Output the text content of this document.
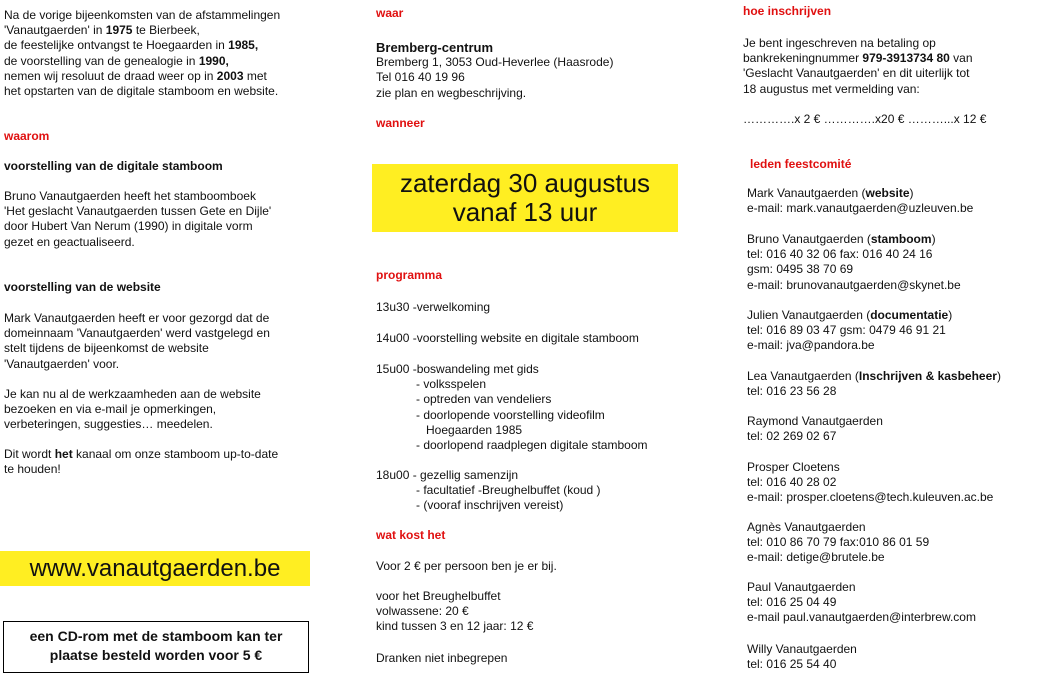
Na de vorige bijeenkomsten van de afstammelingen
'Vanautgaerden' in 1975 te Bierbeek,
de feestelijke ontvangst te Hoegaarden in 1985,
de voorstelling van de genealogie in 1990,
nemen wij resoluut de draad weer op in 2003 met
het opstarten van de digitale stamboom en website.
waarom
voorstelling van de digitale stamboom
Bruno Vanautgaerden heeft het stamboomboek
'Het geslacht Vanautgaerden tussen Gete en Dijle'
door Hubert Van Nerum (1990) in digitale vorm
gezet en geactualiseerd.
voorstelling van de website
Mark Vanautgaerden heeft er voor gezorgd dat de
domeinnaam 'Vanautgaerden' werd vastgelegd en
stelt tijdens de bijeenkomst de website
'Vanautgaerden' voor.
Je kan nu al de werkzaamheden aan de website
bezoeken en via e-mail je opmerkingen,
verbeteringen, suggesties… meedelen.
Dit wordt het kanaal om onze stamboom up-to-date
te houden!
www.vanautgaerden.be
een CD-rom met de stamboom kan ter
plaatse besteld worden voor 5 €
waar
Bremberg-centrum
Bremberg 1, 3053 Oud-Heverlee (Haasrode)
Tel 016 40 19 96
zie plan en wegbeschrijving.
wanneer
zaterdag 30 augustus
vanaf 13 uur
programma
13u30 -verwelkoming
14u00 -voorstelling website en digitale stamboom
15u00 -boswandeling met gids
- volksspelen
- optreden van vendeliers
- doorlopende voorstelling videofilm
Hoegaarden 1985
- doorlopend raadplegen digitale stamboom
18u00 - gezellig samenzijn
- facultatief -Breughelbuffet (koud )
- (vooraf inschrijven vereist)
wat kost het
Voor 2 € per persoon ben je er bij.
voor het Breughelbuffet
volwassene: 20 €
kind tussen 3 en 12 jaar: 12 €
Dranken niet inbegrepen
hoe inschrijven
Je bent ingeschreven na betaling op
bankrekeningnummer 979-3913734 80 van
'Geslacht Vanautgaerden' en dit uiterlijk tot
18 augustus met vermelding van:
………….x 2 € ………….x20 € ………...x 12 €
leden feestcomité
Mark Vanautgaerden (website)
e-mail: mark.vanautgaerden@uzleuven.be
Bruno Vanautgaerden (stamboom)
tel: 016 40 32 06 fax: 016 40 24 16
gsm: 0495 38 70 69
e-mail: brunovanautgaerden@skynet.be
Julien Vanautgaerden (documentatie)
tel: 016 89 03 47 gsm: 0479 46 91 21
e-mail: jva@pandora.be
Lea Vanautgaerden (Inschrijven & kasbeheer)
tel: 016 23 56 28
Raymond Vanautgaerden
tel: 02 269 02 67
Prosper Cloetens
tel: 016 40 28 02
e-mail: prosper.cloetens@tech.kuleuven.ac.be
Agnès Vanautgaerden
tel: 010 86 70 79 fax:010 86 01 59
e-mail: detige@brutele.be
Paul Vanautgaerden
tel: 016 25 04 49
e-mail paul.vanautgaerden@interbrew.com
Willy Vanautgaerden
tel: 016 25 54 40
